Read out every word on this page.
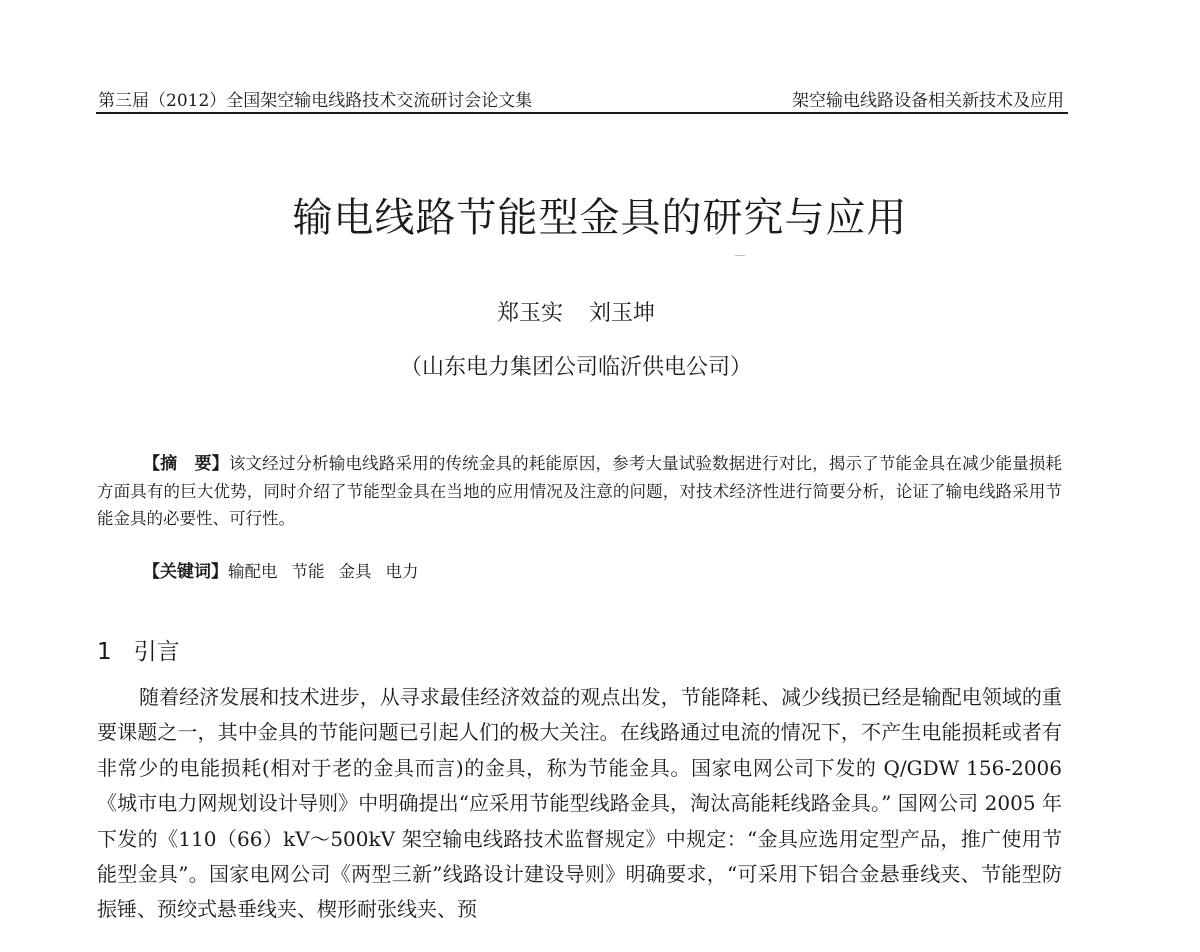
第三届（2012）全国架空输电线路技术交流研讨会论文集	架空输电线路设备相关新技术及应用
输电线路节能型金具的研究与应用
郑玉实 刘玉坤
（山东电力集团公司临沂供电公司）
【摘　要】该文经过分析输电线路采用的传统金具的耗能原因，参考大量试验数据进行对比，揭示了节能金具在减少能量损耗方面具有的巨大优势，同时介绍了节能型金具在当地的应用情况及注意的问题，对技术经济性进行简要分析，论证了输电线路采用节能金具的必要性、可行性。
【关键词】输配电 节能 金具 电力
1 引言
随着经济发展和技术进步，从寻求最佳经济效益的观点出发，节能降耗、减少线损已经是输配电领域的重要课题之一，其中金具的节能问题已引起人们的极大关注。在线路通过电流的情况下，不产生电能损耗或者有非常少的电能损耗(相对于老的金具而言)的金具，称为节能金具。国家电网公司下发的 Q/GDW 156-2006《城市电力网规划设计导则》中明确提出“应采用节能型线路金具，淘汰高能耗线路金具。” 国网公司 2005 年下发的《110（66）kV～500kV 架空输电线路技术监督规定》中规定：“金具应选用定型产品，推广使用节能型金具”。国家电网公司《两型三新”线路设计建设导则》明确要求，“可采用下铝合金悬垂线夹、节能型防振锤、预绞式悬垂线夹、楔形耐张线夹、预
